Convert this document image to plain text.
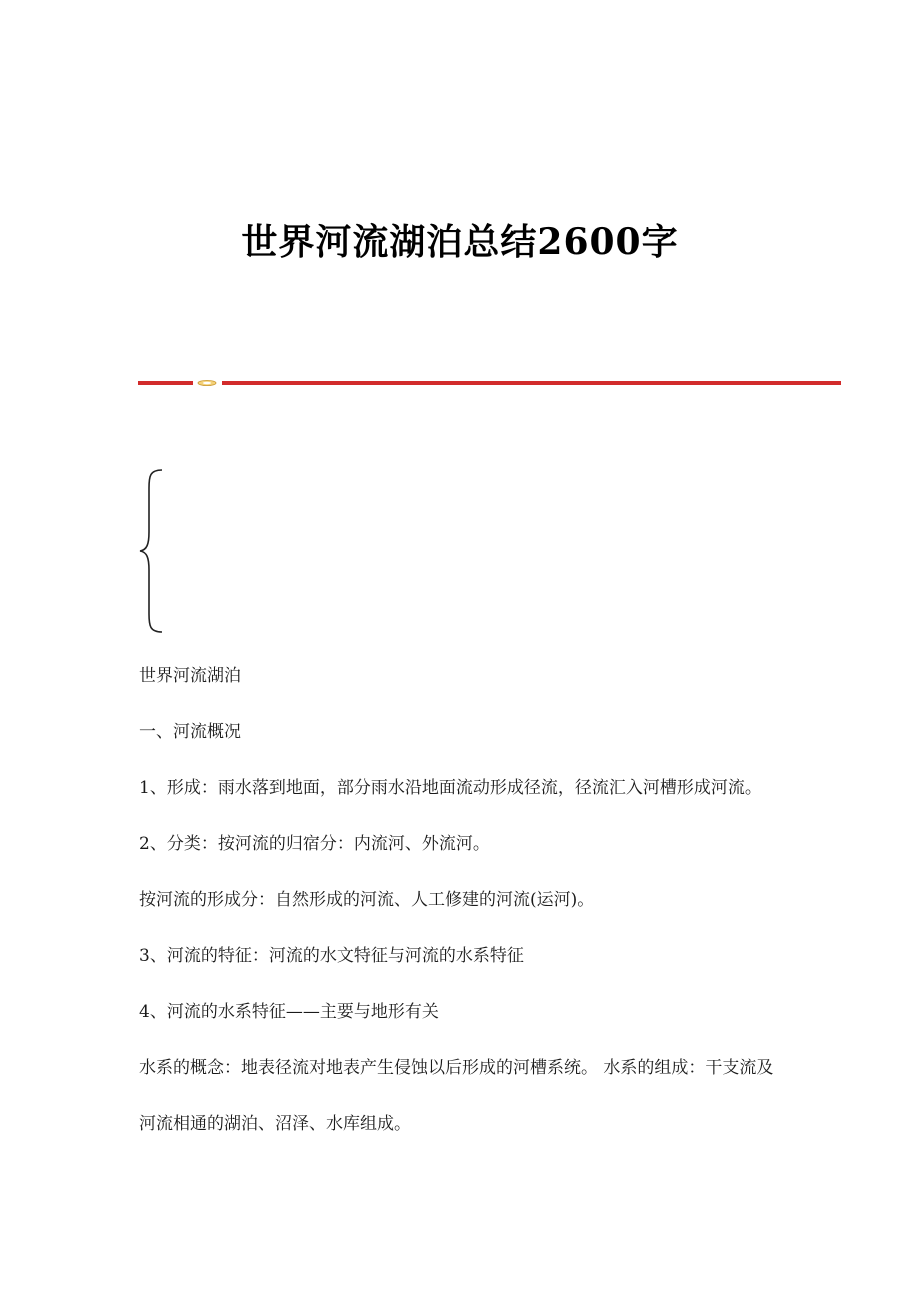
世界河流湖泊总结2600字

世界河流湖泊

一、河流概况

1、形成：雨水落到地面，部分雨水沿地面流动形成径流，径流汇入河槽形成河流。

2、分类：按河流的归宿分：内流河、外流河。

按河流的形成分：自然形成的河流、人工修建的河流(运河)。

3、河流的特征：河流的水文特征与河流的水系特征

4、河流的水系特征——主要与地形有关

水系的概念：地表径流对地表产生侵蚀以后形成的河槽系统。 水系的组成：干支流及河流相通的湖泊、沼泽、水库组成。
